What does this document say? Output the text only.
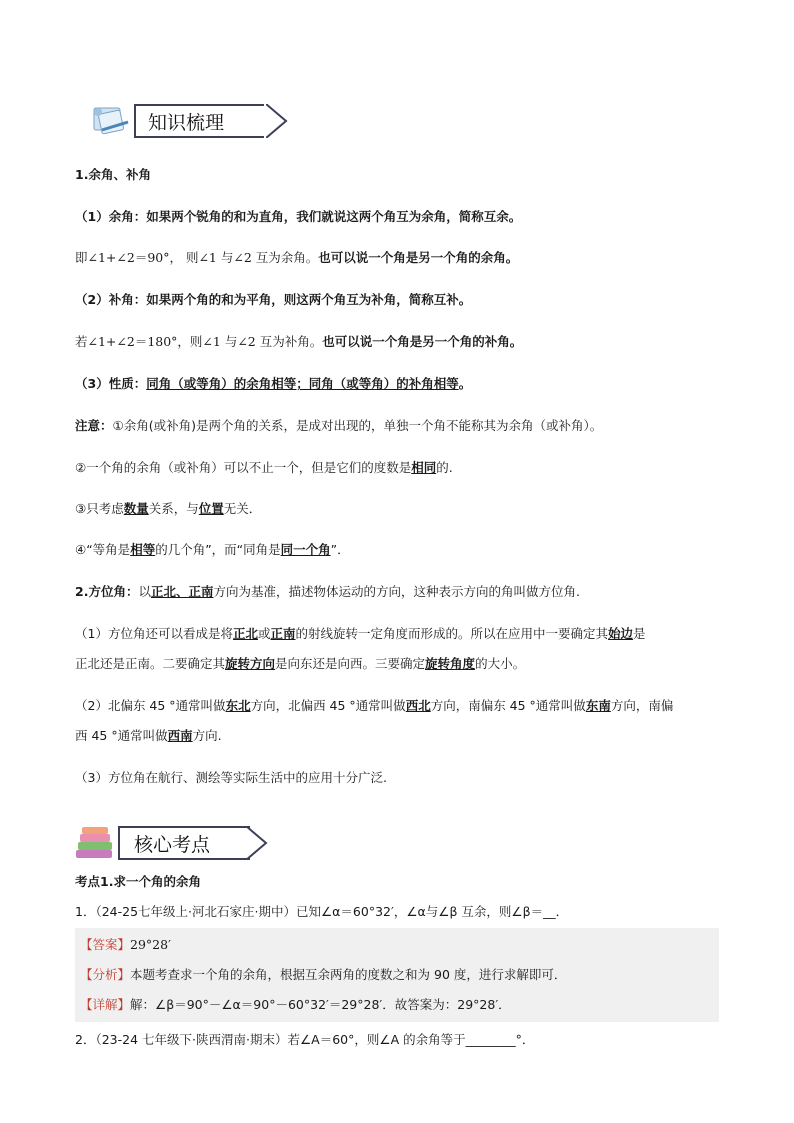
知识梳理
1.余角、补角
（1）余角：如果两个锐角的和为直角，我们就说这两个角互为余角，简称互余。
即∠1+∠2＝90°， 则∠1 与∠2 互为余角。也可以说一个角是另一个角的余角。
（2）补角：如果两个角的和为平角，则这两个角互为补角，简称互补。
若∠1+∠2＝180°，则∠1 与∠2 互为补角。也可以说一个角是另一个角的补角。
（3）性质：同角（或等角）的余角相等；同角（或等角）的补角相等。
注意：①余角(或补角)是两个角的关系，是成对出现的，单独一个角不能称其为余角（或补角）。
②一个角的余角（或补角）可以不止一个，但是它们的度数是相同的.
③只考虑数量关系，与位置无关．
④“等角是相等的几个角”，而“同角是同一个角”．
2.方位角：以正北、正南方向为基准，描述物体运动的方向，这种表示方向的角叫做方位角.
（1）方位角还可以看成是将正北或正南的射线旋转一定角度而形成的。所以在应用中一要确定其始边是
正北还是正南。二要确定其旋转方向是向东还是向西。三要确定旋转角度的大小。
（2）北偏东 45 °通常叫做东北方向，北偏西 45 °通常叫做西北方向，南偏东 45 °通常叫做东南方向，南偏
西 45 °通常叫做西南方向.
（3）方位角在航行、测绘等实际生活中的应用十分广泛.
核心考点
考点1.求一个角的余角
1．（24-25七年级上·河北石家庄·期中）已知∠α＝60°32′，∠α与∠β 互余，则∠β＝__．
【答案】29°28′
【分析】本题考查求一个角的余角，根据互余两角的度数之和为 90 度，进行求解即可．
【详解】解：∠β＝90°－∠α＝90°－60°32′＝29°28′．故答案为：29°28′．
2．（23-24 七年级下·陕西渭南·期末）若∠A＝60°，则∠A 的余角等于________°．
